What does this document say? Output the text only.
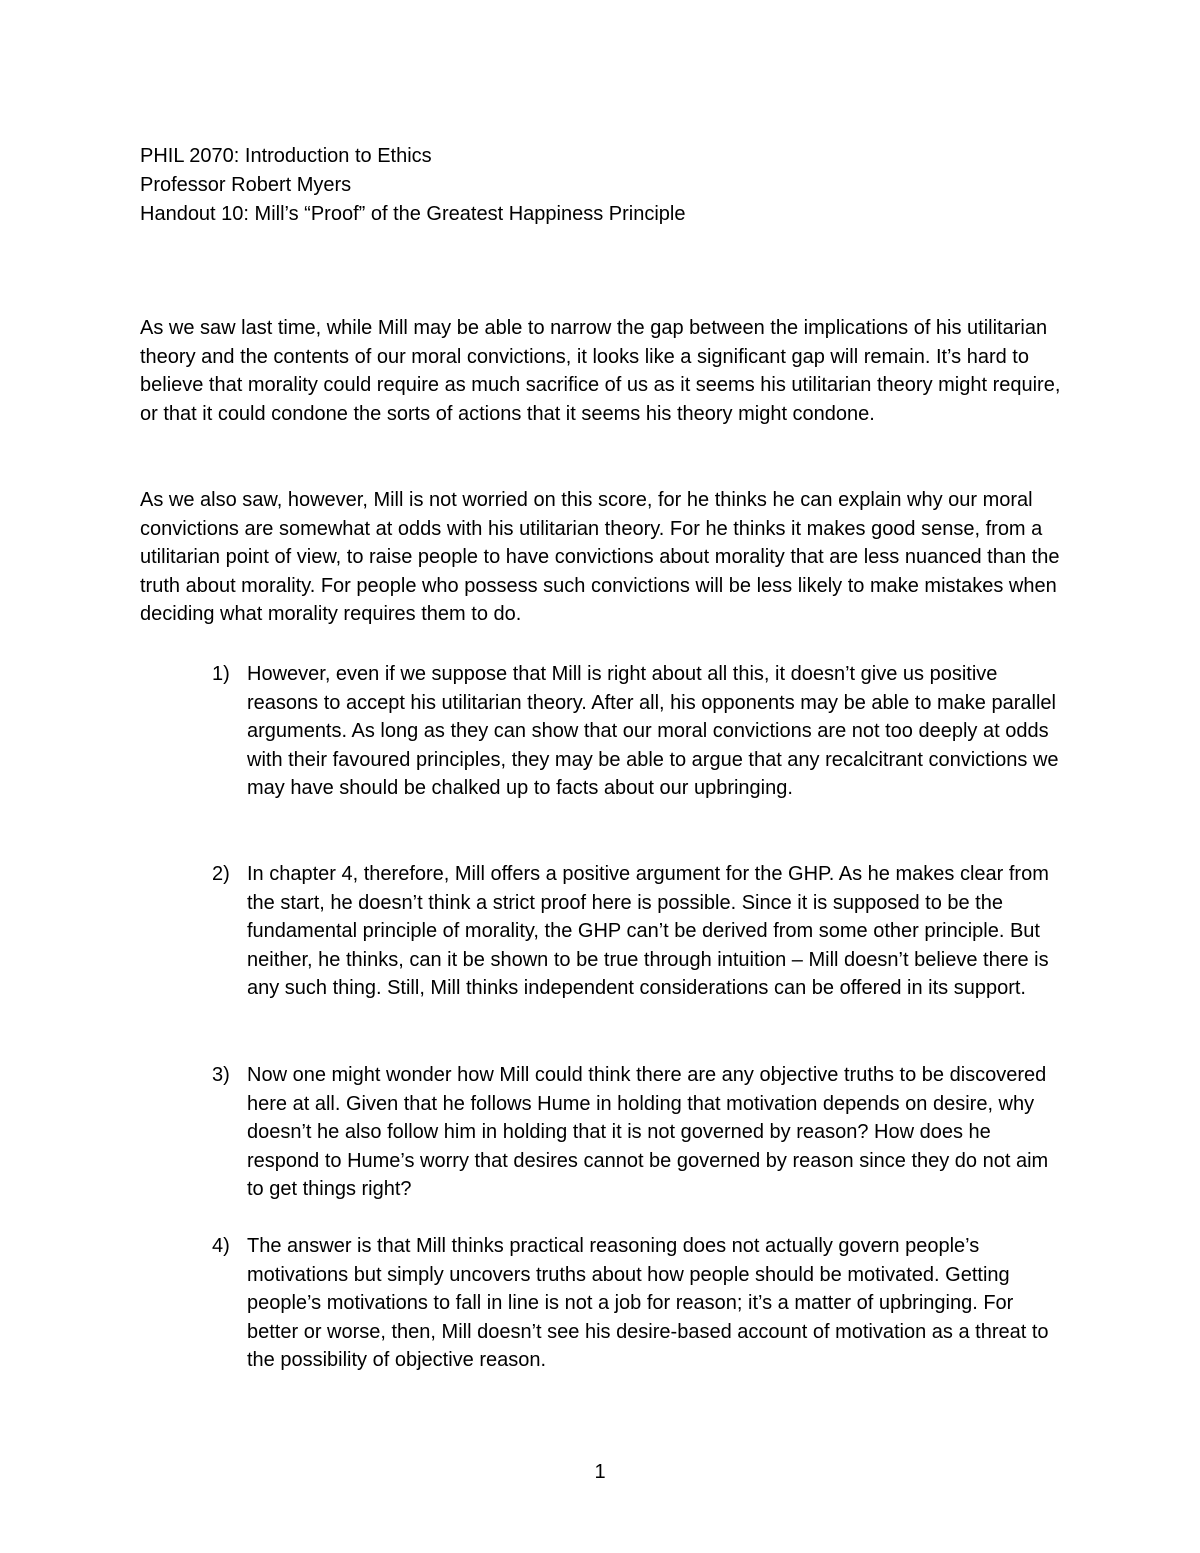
PHIL 2070: Introduction to Ethics
Professor Robert Myers
Handout 10: Mill’s “Proof” of the Greatest Happiness Principle

As we saw last time, while Mill may be able to narrow the gap between the implications of his utilitarian theory and the contents of our moral convictions, it looks like a significant gap will remain. It’s hard to believe that morality could require as much sacrifice of us as it seems his utilitarian theory might require, or that it could condone the sorts of actions that it seems his theory might condone.

As we also saw, however, Mill is not worried on this score, for he thinks he can explain why our moral convictions are somewhat at odds with his utilitarian theory. For he thinks it makes good sense, from a utilitarian point of view, to raise people to have convictions about morality that are less nuanced than the truth about morality. For people who possess such convictions will be less likely to make mistakes when deciding what morality requires them to do.

1) However, even if we suppose that Mill is right about all this, it doesn’t give us positive reasons to accept his utilitarian theory. After all, his opponents may be able to make parallel arguments. As long as they can show that our moral convictions are not too deeply at odds with their favoured principles, they may be able to argue that any recalcitrant convictions we may have should be chalked up to facts about our upbringing.

2) In chapter 4, therefore, Mill offers a positive argument for the GHP. As he makes clear from the start, he doesn’t think a strict proof here is possible. Since it is supposed to be the fundamental principle of morality, the GHP can’t be derived from some other principle. But neither, he thinks, can it be shown to be true through intuition – Mill doesn’t believe there is any such thing. Still, Mill thinks independent considerations can be offered in its support.

3) Now one might wonder how Mill could think there are any objective truths to be discovered here at all. Given that he follows Hume in holding that motivation depends on desire, why doesn’t he also follow him in holding that it is not governed by reason? How does he respond to Hume’s worry that desires cannot be governed by reason since they do not aim to get things right?

4) The answer is that Mill thinks practical reasoning does not actually govern people’s motivations but simply uncovers truths about how people should be motivated. Getting people’s motivations to fall in line is not a job for reason; it’s a matter of upbringing. For better or worse, then, Mill doesn’t see his desire-based account of motivation as a threat to the possibility of objective reason.

1
